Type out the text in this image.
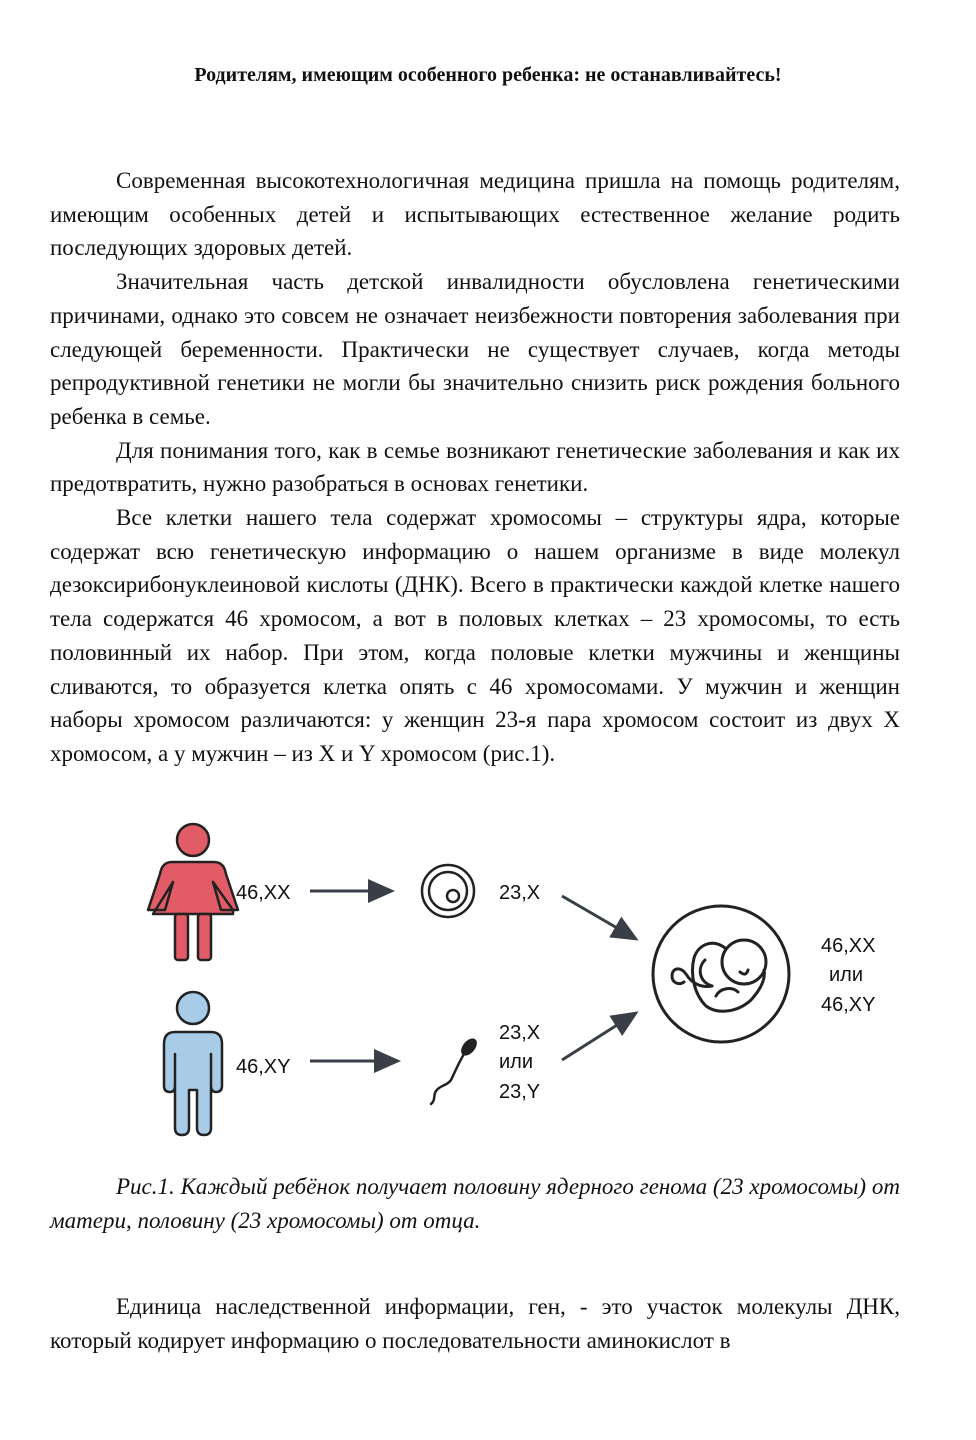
Родителям, имеющим особенного ребенка: не останавливайтесь!

Современная высокотехнологичная медицина пришла на помощь родителям, имеющим особенных детей и испытывающих естественное желание родить последующих здоровых детей.

Значительная часть детской инвалидности обусловлена генетическими причинами, однако это совсем не означает неизбежности повторения заболевания при следующей беременности. Практически не существует случаев, когда методы репродуктивной генетики не могли бы значительно снизить риск рождения больного ребенка в семье.

Для понимания того, как в семье возникают генетические заболевания и как их предотвратить, нужно разобраться в основах генетики.

Все клетки нашего тела содержат хромосомы – структуры ядра, которые содержат всю генетическую информацию о нашем организме в виде молекул дезоксирибонуклеиновой кислоты (ДНК). Всего в практически каждой клетке нашего тела содержатся 46 хромосом, а вот в половых клетках – 23 хромосомы, то есть половинный их набор. При этом, когда половые клетки мужчины и женщины сливаются, то образуется клетка опять с 46 хромосомами. У мужчин и женщин наборы хромосом различаются: у женщин 23-я пара хромосом состоит из двух X хромосом, а у мужчин – из X и Y хромосом (рис.1).

46,XX
46,XY
23,X
23,X
или
23,Y
46,XX
или
46,XY

Рис.1. Каждый ребёнок получает половину ядерного генома (23 хромосомы) от матери, половину (23 хромосомы) от отца.

Единица наследственной информации, ген, - это участок молекулы ДНК, который кодирует информацию о последовательности аминокислот в
